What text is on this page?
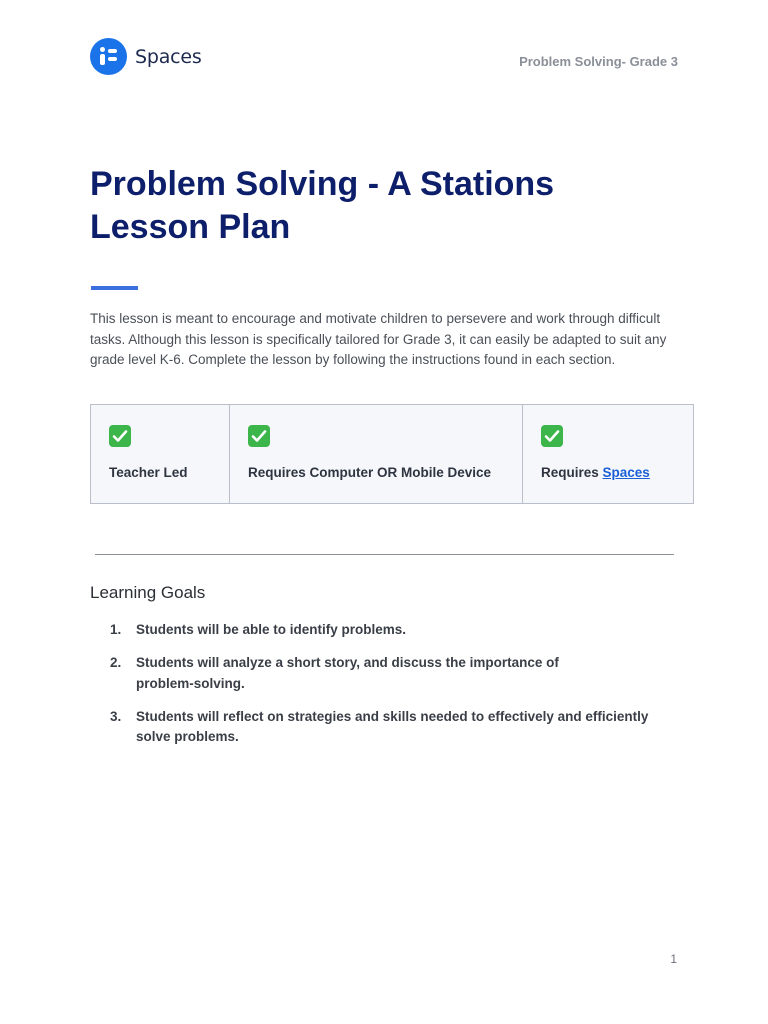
Spaces	Problem Solving- Grade 3
Problem Solving - A Stations Lesson Plan

This lesson is meant to encourage and motivate children to persevere and work through difficult tasks. Although this lesson is specifically tailored for Grade 3, it can easily be adapted to suit any grade level K-6. Complete the lesson by following the instructions found in each section.

Teacher Led	Requires Computer OR Mobile Device	Requires Spaces
Learning Goals
1.	Students will be able to identify problems.
2.	Students will analyze a short story, and discuss the importance of problem-solving.
3.	Students will reflect on strategies and skills needed to effectively and efficiently solve problems.
1
